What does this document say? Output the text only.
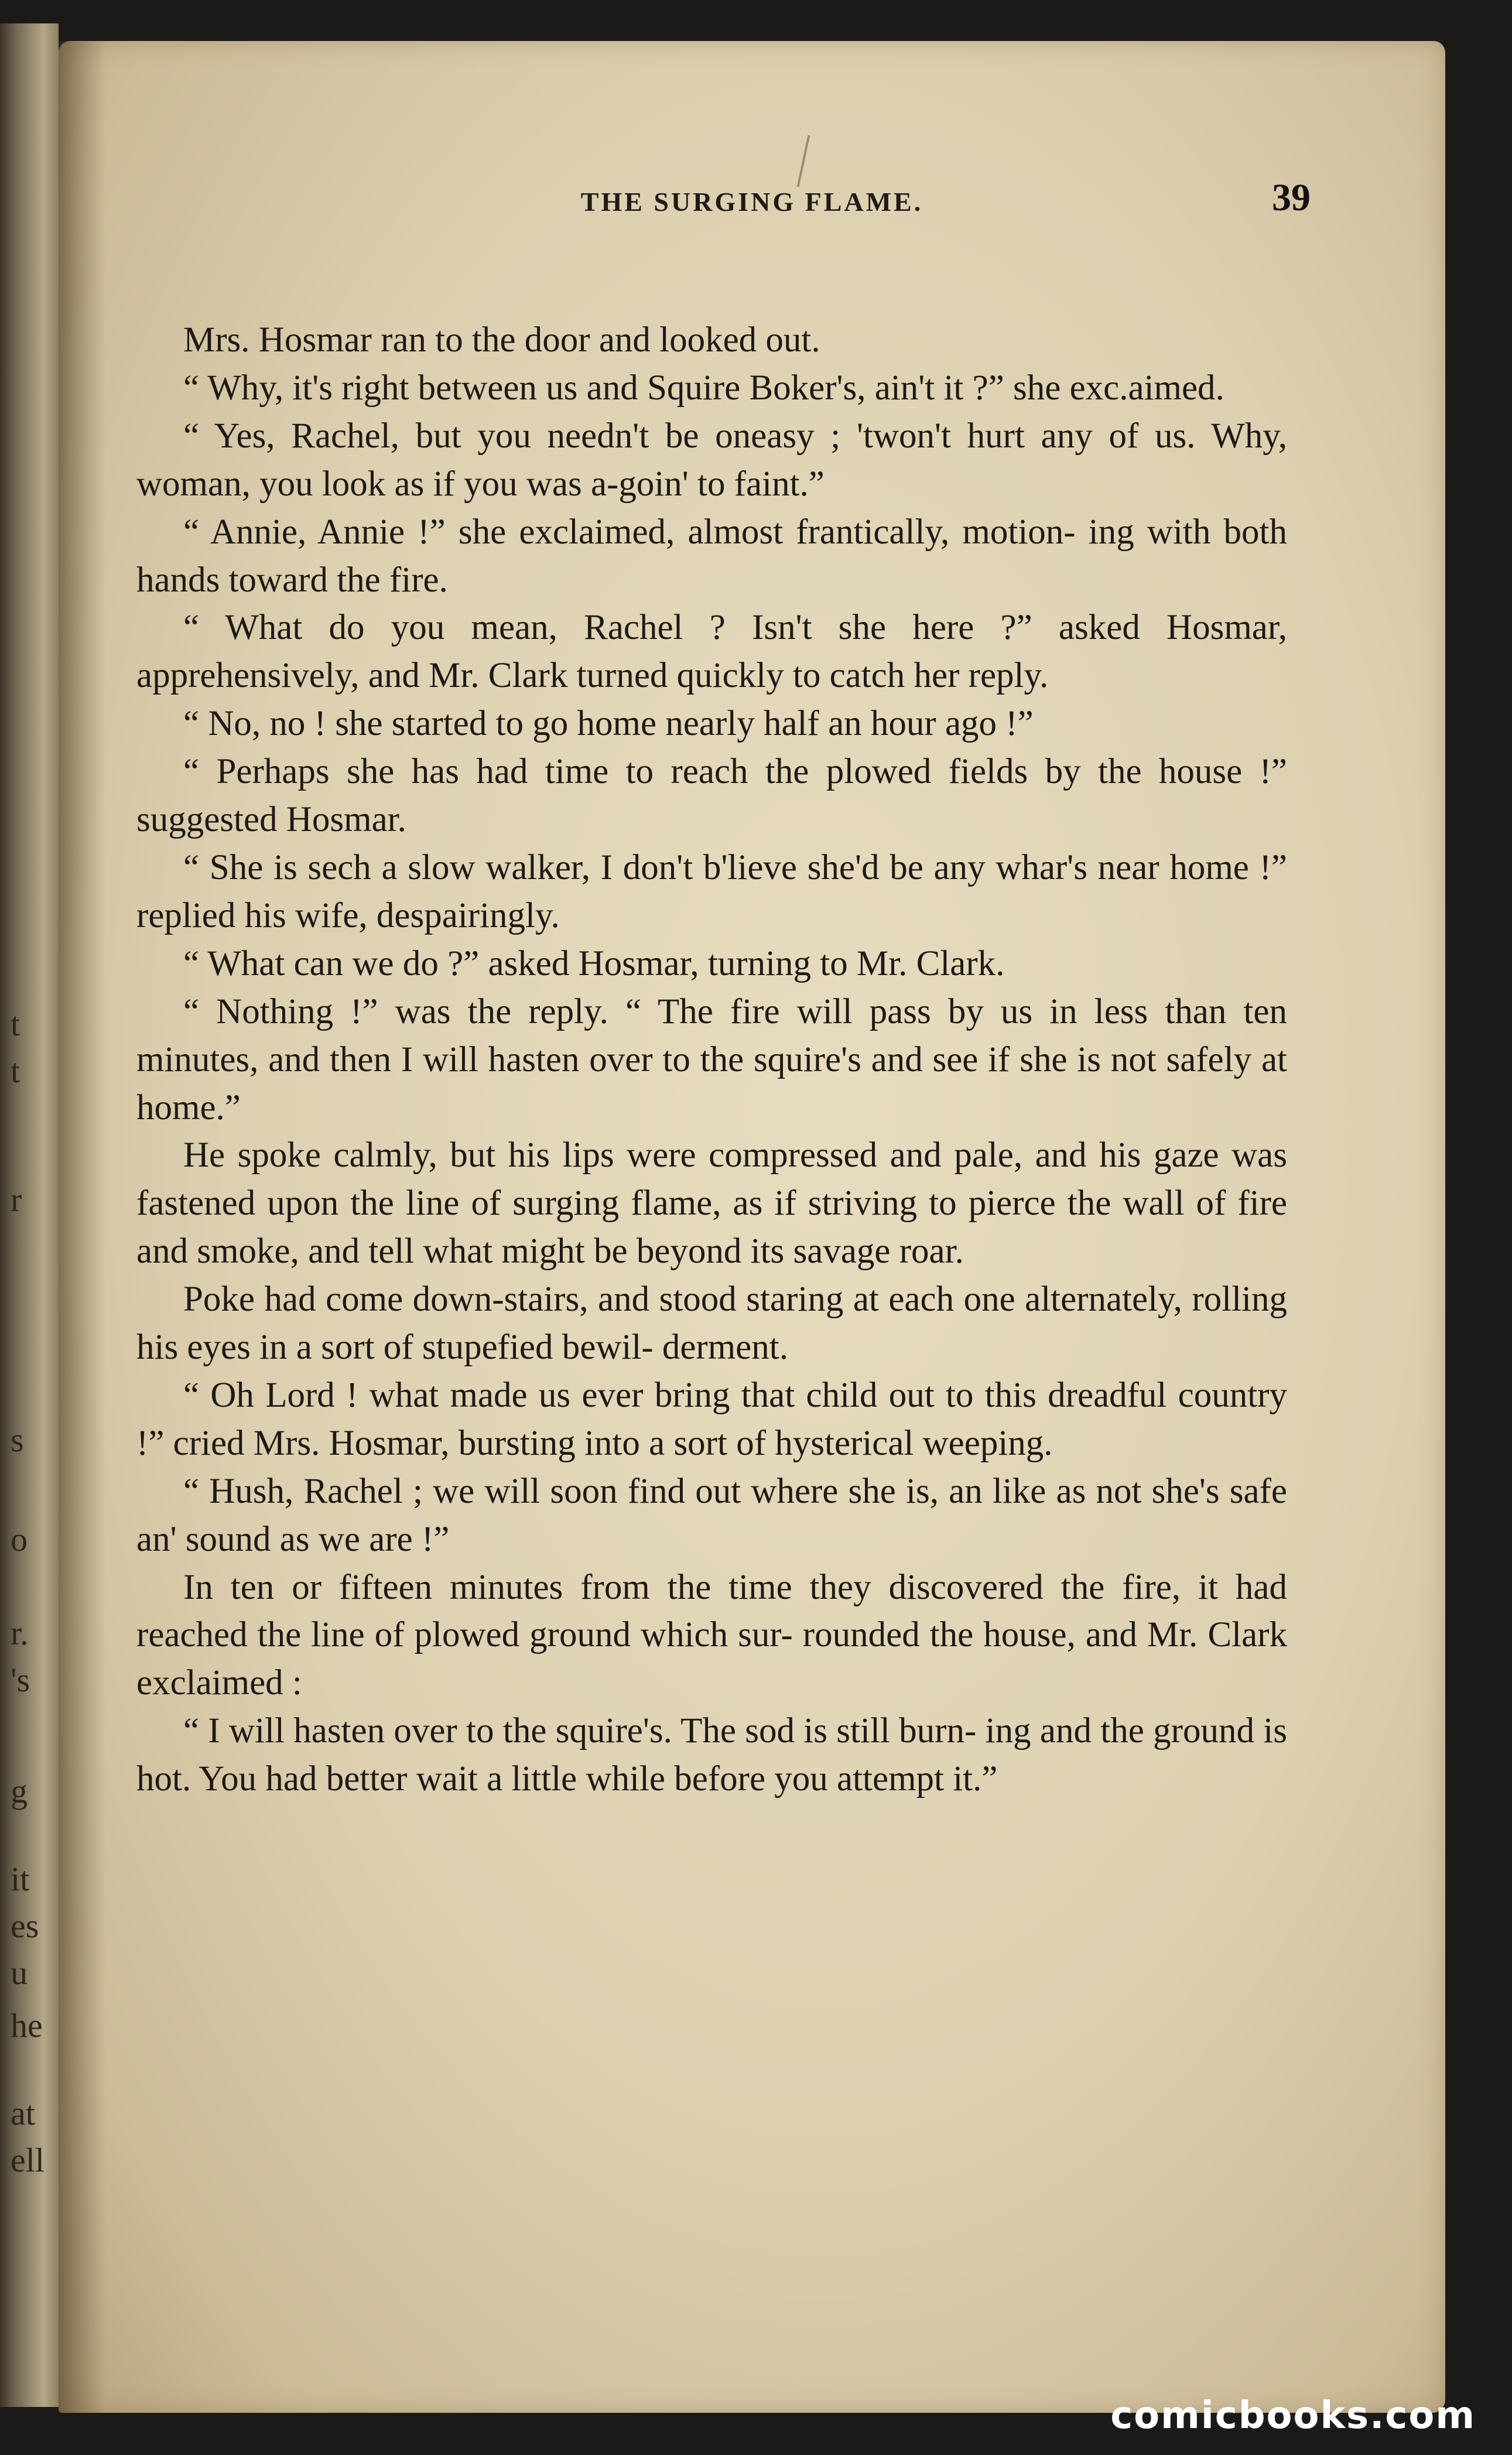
t
t
r
s
o
r.
's
g
it
es
u
he
at
ell
THE SURGING FLAME.	39

Mrs. Hosmar ran to the door and looked out.

“ Why, it's right between us and Squire Boker's, ain't it ?” she exc.aimed.

“ Yes, Rachel, but you needn't be oneasy ; 'twon't hurt any of us. Why, woman, you look as if you was a-goin' to faint.”

“ Annie, Annie !” she exclaimed, almost frantically, motion- ing with both hands toward the fire.

“ What do you mean, Rachel ? Isn't she here ?” asked Hosmar, apprehensively, and Mr. Clark turned quickly to catch her reply.

“ No, no ! she started to go home nearly half an hour ago !”

“ Perhaps she has had time to reach the plowed fields by the house !” suggested Hosmar.

“ She is sech a slow walker, I don't b'lieve she'd be any whar's near home !” replied his wife, despairingly.

“ What can we do ?” asked Hosmar, turning to Mr. Clark.

“ Nothing !” was the reply. “ The fire will pass by us in less than ten minutes, and then I will hasten over to the squire's and see if she is not safely at home.”

He spoke calmly, but his lips were compressed and pale, and his gaze was fastened upon the line of surging flame, as if striving to pierce the wall of fire and smoke, and tell what might be beyond its savage roar.

Poke had come down-stairs, and stood staring at each one alternately, rolling his eyes in a sort of stupefied bewil- derment.

“ Oh Lord ! what made us ever bring that child out to this dreadful country !” cried Mrs. Hosmar, bursting into a sort of hysterical weeping.

“ Hush, Rachel ; we will soon find out where she is, an like as not she's safe an' sound as we are !”

In ten or fifteen minutes from the time they discovered the fire, it had reached the line of plowed ground which sur- rounded the house, and Mr. Clark exclaimed :

“ I will hasten over to the squire's. The sod is still burn- ing and the ground is hot. You had better wait a little while before you attempt it.”

comicbooks.com
